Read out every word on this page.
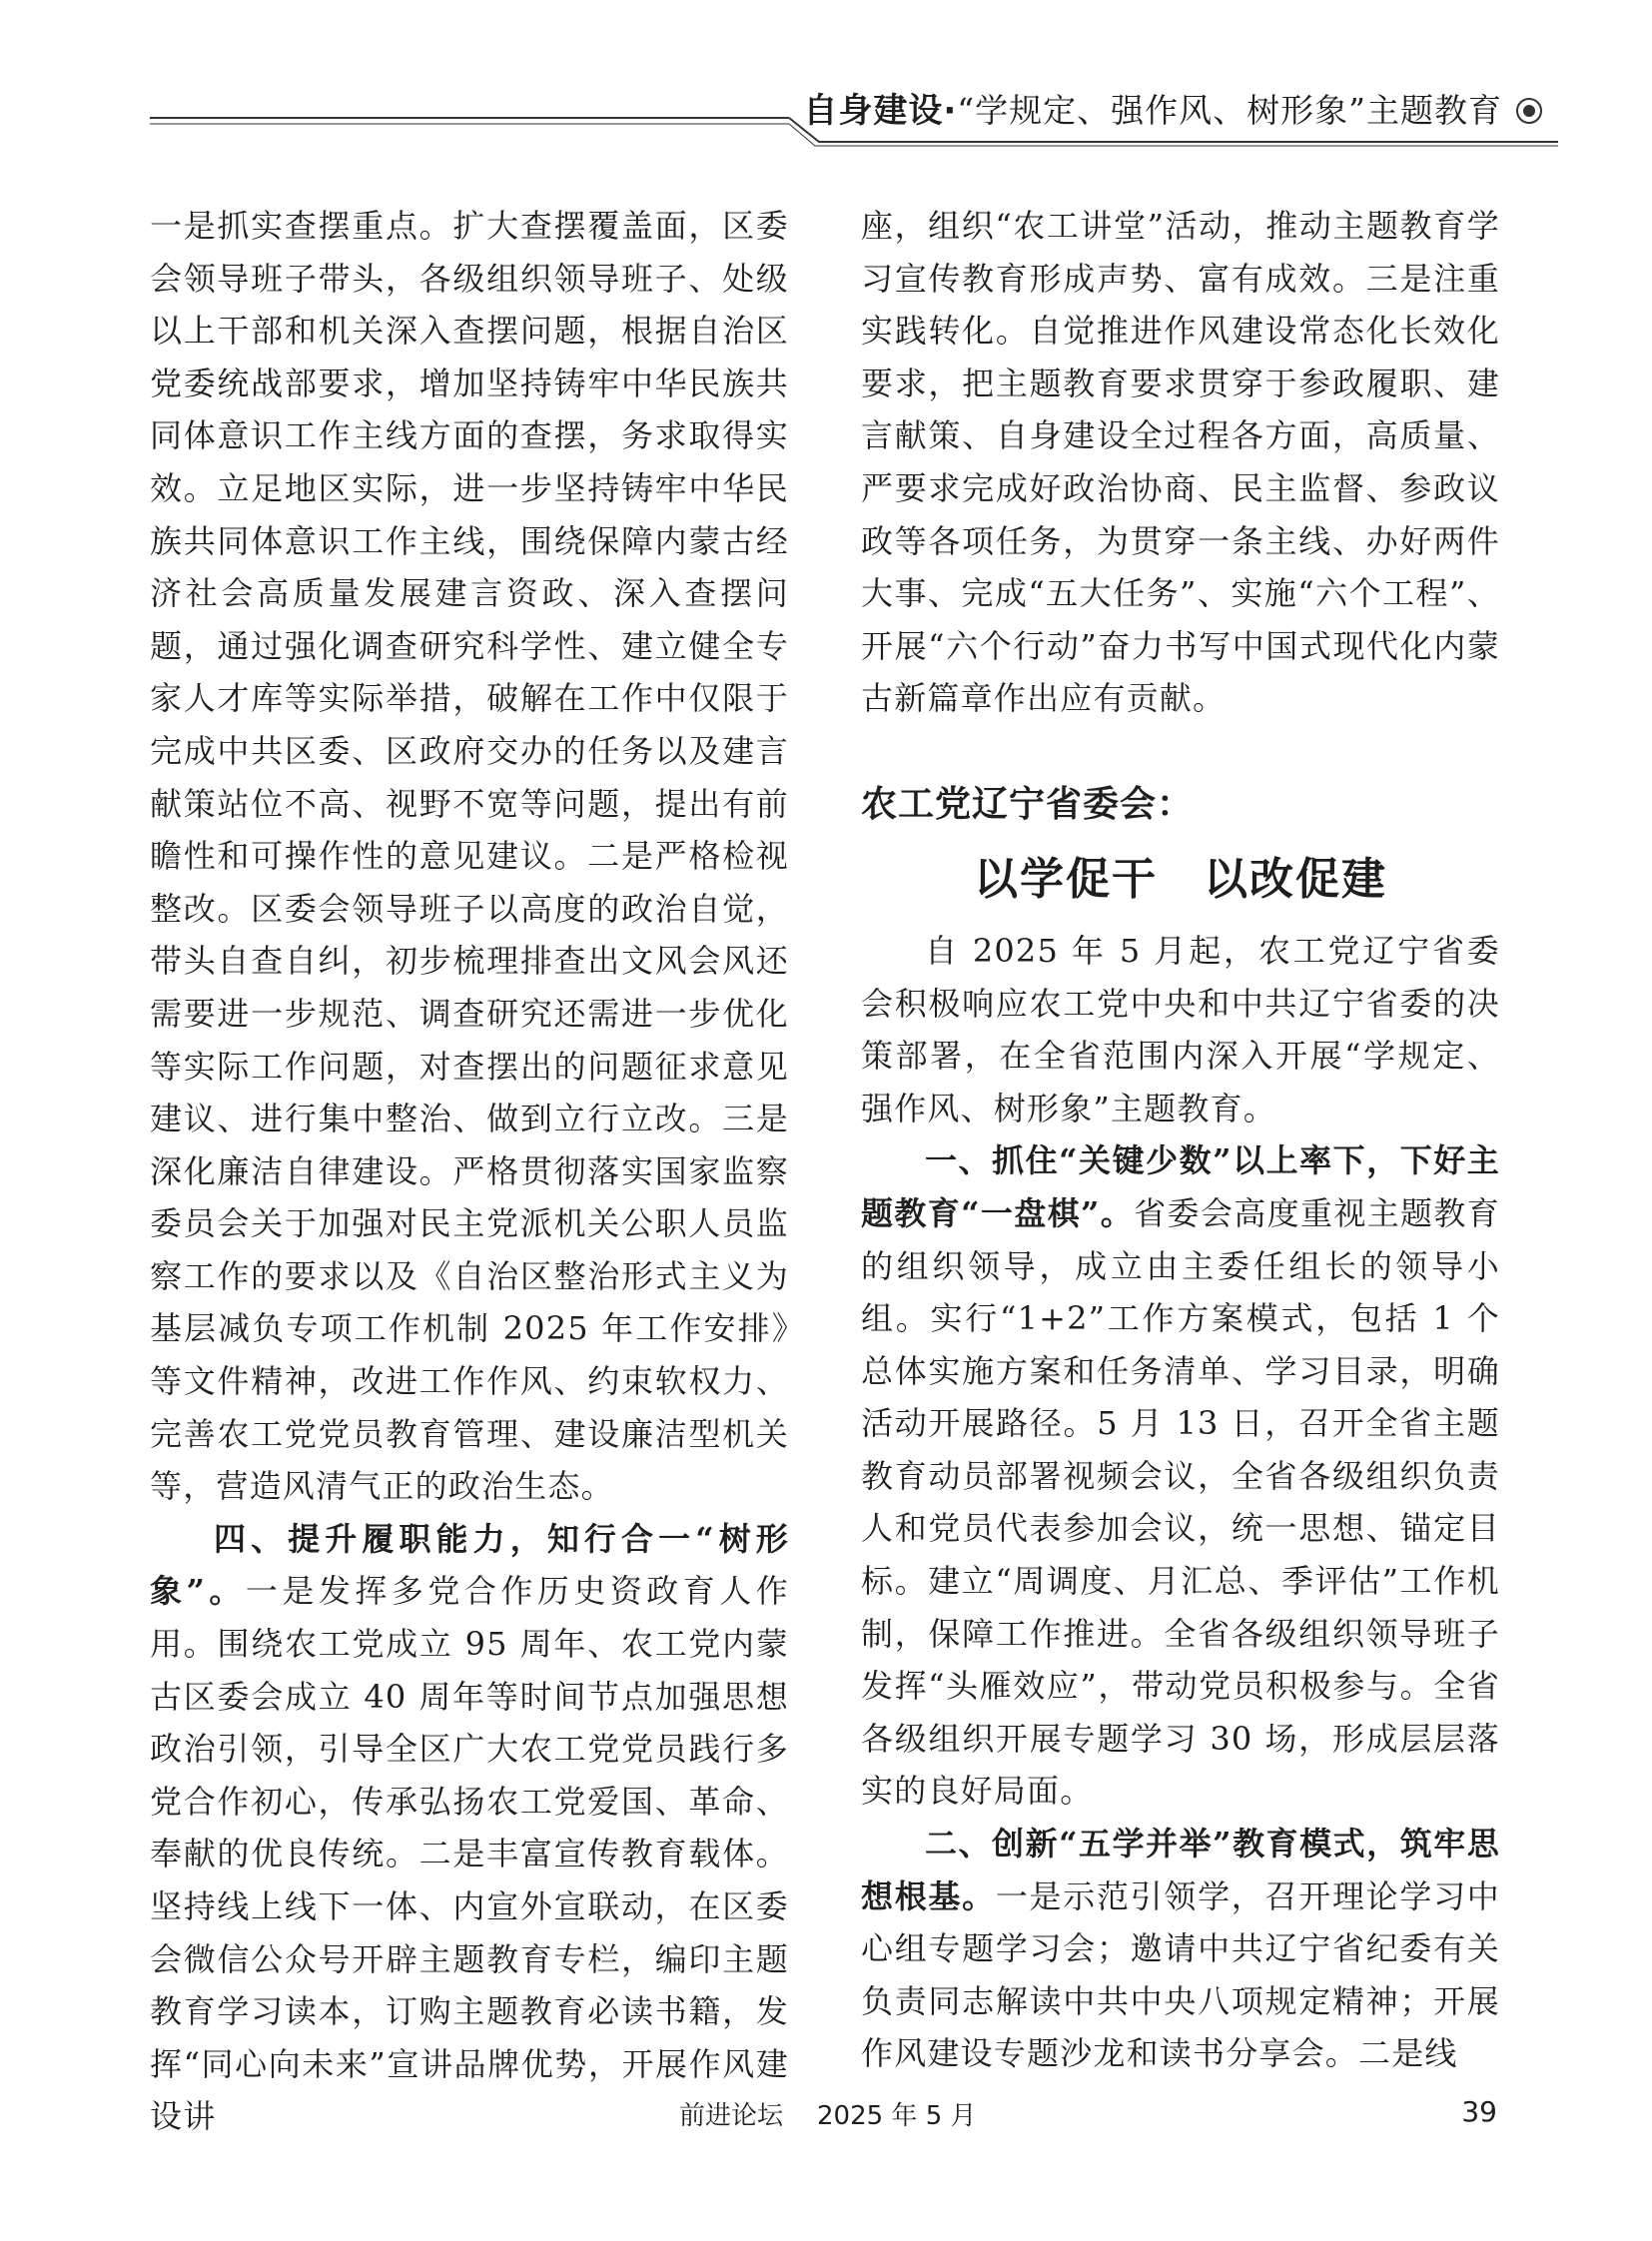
自身建设·“学规定、强作风、树形象”主题教育

一是抓实查摆重点。扩大查摆覆盖面，区委会领导班子带头，各级组织领导班子、处级以上干部和机关深入查摆问题，根据自治区党委统战部要求，增加坚持铸牢中华民族共同体意识工作主线方面的查摆，务求取得实效。立足地区实际，进一步坚持铸牢中华民族共同体意识工作主线，围绕保障内蒙古经济社会高质量发展建言资政、深入查摆问题，通过强化调查研究科学性、建立健全专家人才库等实际举措，破解在工作中仅限于完成中共区委、区政府交办的任务以及建言献策站位不高、视野不宽等问题，提出有前瞻性和可操作性的意见建议。二是严格检视整改。区委会领导班子以高度的政治自觉，带头自查自纠，初步梳理排查出文风会风还需要进一步规范、调查研究还需进一步优化等实际工作问题，对查摆出的问题征求意见建议、进行集中整治、做到立行立改。三是深化廉洁自律建设。严格贯彻落实国家监察委员会关于加强对民主党派机关公职人员监察工作的要求以及《自治区整治形式主义为基层减负专项工作机制 2025 年工作安排》等文件精神，改进工作作风、约束软权力、完善农工党党员教育管理、建设廉洁型机关等，营造风清气正的政治生态。

四、提升履职能力，知行合一“树形象”。一是发挥多党合作历史资政育人作用。围绕农工党成立 95 周年、农工党内蒙古区委会成立 40 周年等时间节点加强思想政治引领，引导全区广大农工党党员践行多党合作初心，传承弘扬农工党爱国、革命、奉献的优良传统。二是丰富宣传教育载体。坚持线上线下一体、内宣外宣联动，在区委会微信公众号开辟主题教育专栏，编印主题教育学习读本，订购主题教育必读书籍，发挥“同心向未来”宣讲品牌优势，开展作风建设讲

座，组织“农工讲堂”活动，推动主题教育学习宣传教育形成声势、富有成效。三是注重实践转化。自觉推进作风建设常态化长效化要求，把主题教育要求贯穿于参政履职、建言献策、自身建设全过程各方面，高质量、严要求完成好政治协商、民主监督、参政议政等各项任务，为贯穿一条主线、办好两件大事、完成“五大任务”、实施“六个工程”、开展“六个行动”奋力书写中国式现代化内蒙古新篇章作出应有贡献。

农工党辽宁省委会：

以学促干　以改促建

自 2025 年 5 月起，农工党辽宁省委会积极响应农工党中央和中共辽宁省委的决策部署，在全省范围内深入开展“学规定、强作风、树形象”主题教育。

一、抓住“关键少数”以上率下，下好主题教育“一盘棋”。省委会高度重视主题教育的组织领导，成立由主委任组长的领导小组。实行“1+2”工作方案模式，包括 1 个总体实施方案和任务清单、学习目录，明确活动开展路径。5 月 13 日，召开全省主题教育动员部署视频会议，全省各级组织负责人和党员代表参加会议，统一思想、锚定目标。建立“周调度、月汇总、季评估”工作机制，保障工作推进。全省各级组织领导班子发挥“头雁效应”，带动党员积极参与。全省各级组织开展专题学习 30 场，形成层层落实的良好局面。

二、创新“五学并举”教育模式，筑牢思想根基。一是示范引领学，召开理论学习中心组专题学习会；邀请中共辽宁省纪委有关负责同志解读中共中央八项规定精神；开展作风建设专题沙龙和读书分享会。二是线

前进论坛 2025 年 5 月	39
